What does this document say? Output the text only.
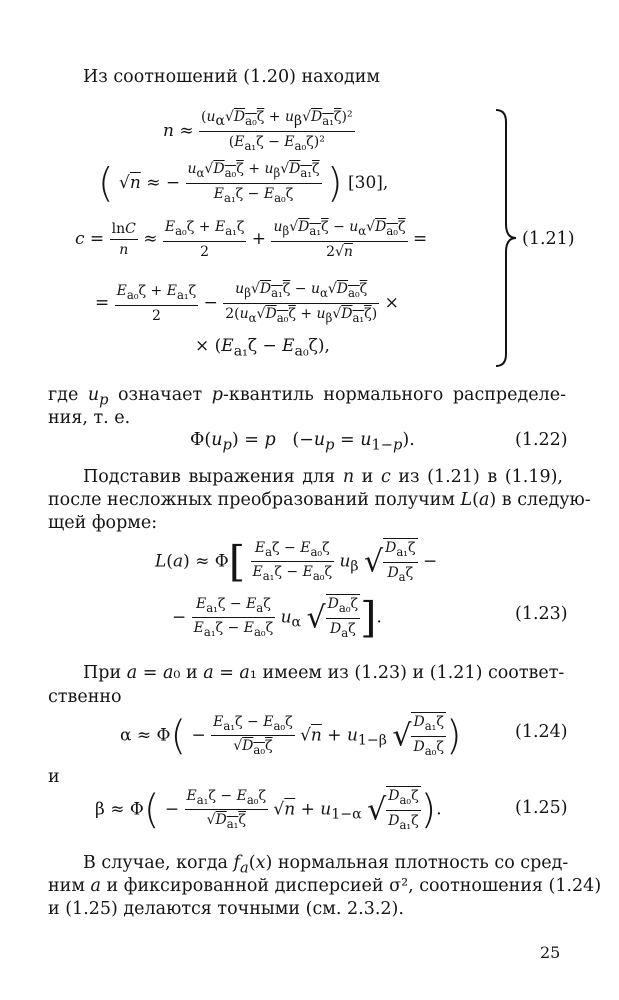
Из соотношений (1.20) находим
$n \approx \frac{(u_\alpha√D_{a_0}\zeta + u_\beta√D_{a_1}\zeta)^2}{(E_{a_1}\zeta - E_{a_0}\zeta)^2}$
( √n ≈ − $\frac{u_\alpha√D_{a_0}\zeta + u_\beta√D_{a_1}\zeta}{E_{a_1}\zeta - E_{a_0}\zeta}$ ) [30],
$c = \frac{\ln C}{n} \approx \frac{E_{a_0}\zeta + E_{a_1}\zeta}{2} + \frac{u_\beta√D_{a_1}\zeta - u_\alpha√D_{a_0}\zeta}{2√n}$ =
= $\frac{E_{a_0}\zeta + E_{a_1}\zeta}{2} - \frac{u_\beta√D_{a_1}\zeta - u_\alpha√D_{a_0}\zeta}{2(u_\alpha√D_{a_0}\zeta + u_\beta√D_{a_1}\zeta)}$ ×
× $(E_{a_1}\zeta - E_{a_0}\zeta)$,
(1.21)
где $u_p$ означает p-квантиль нормального распределе-
ния, т. е.
$\Phi(u_p) = p$   $(-u_p = u_{1-p})$.	(1.22)
Подставив выражения для n и c из (1.21) в (1.19),
после несложных преобразований получим L(a) в следую-
щей форме:
$L(a) \approx \Phi[ \frac{E_a\zeta - E_{a_0}\zeta}{E_{a_1}\zeta - E_{a_0}\zeta} u_\beta$ √ $\frac{D_{a_1}\zeta}{D_a\zeta}$ −
− $\frac{E_{a_1}\zeta - E_a\zeta}{E_{a_1}\zeta - E_{a_0}\zeta} u_\alpha$ √ $\frac{D_{a_0}\zeta}{D_a\zeta}$ ].	(1.23)
При a = a₀ и a = a₁ имеем из (1.23) и (1.21) соответ-
ственно
$\alpha \approx \Phi( - \frac{E_{a_1}\zeta - E_{a_0}\zeta}{√D_{a_0}\zeta} √n + u_{1-\beta}$ √ $\frac{D_{a_1}\zeta}{D_{a_0}\zeta}$ )	(1.24)
и
$\beta \approx \Phi( - \frac{E_{a_1}\zeta - E_{a_0}\zeta}{√D_{a_1}\zeta} √n + u_{1-\alpha}$ √ $\frac{D_{a_0}\zeta}{D_{a_1}\zeta}$ ).	(1.25)
В случае, когда $f_a(x)$ нормальная плотность со сред-
ним a и фиксированной дисперсией σ², соотношения (1.24)
и (1.25) делаются точными (см. 2.3.2).
25
